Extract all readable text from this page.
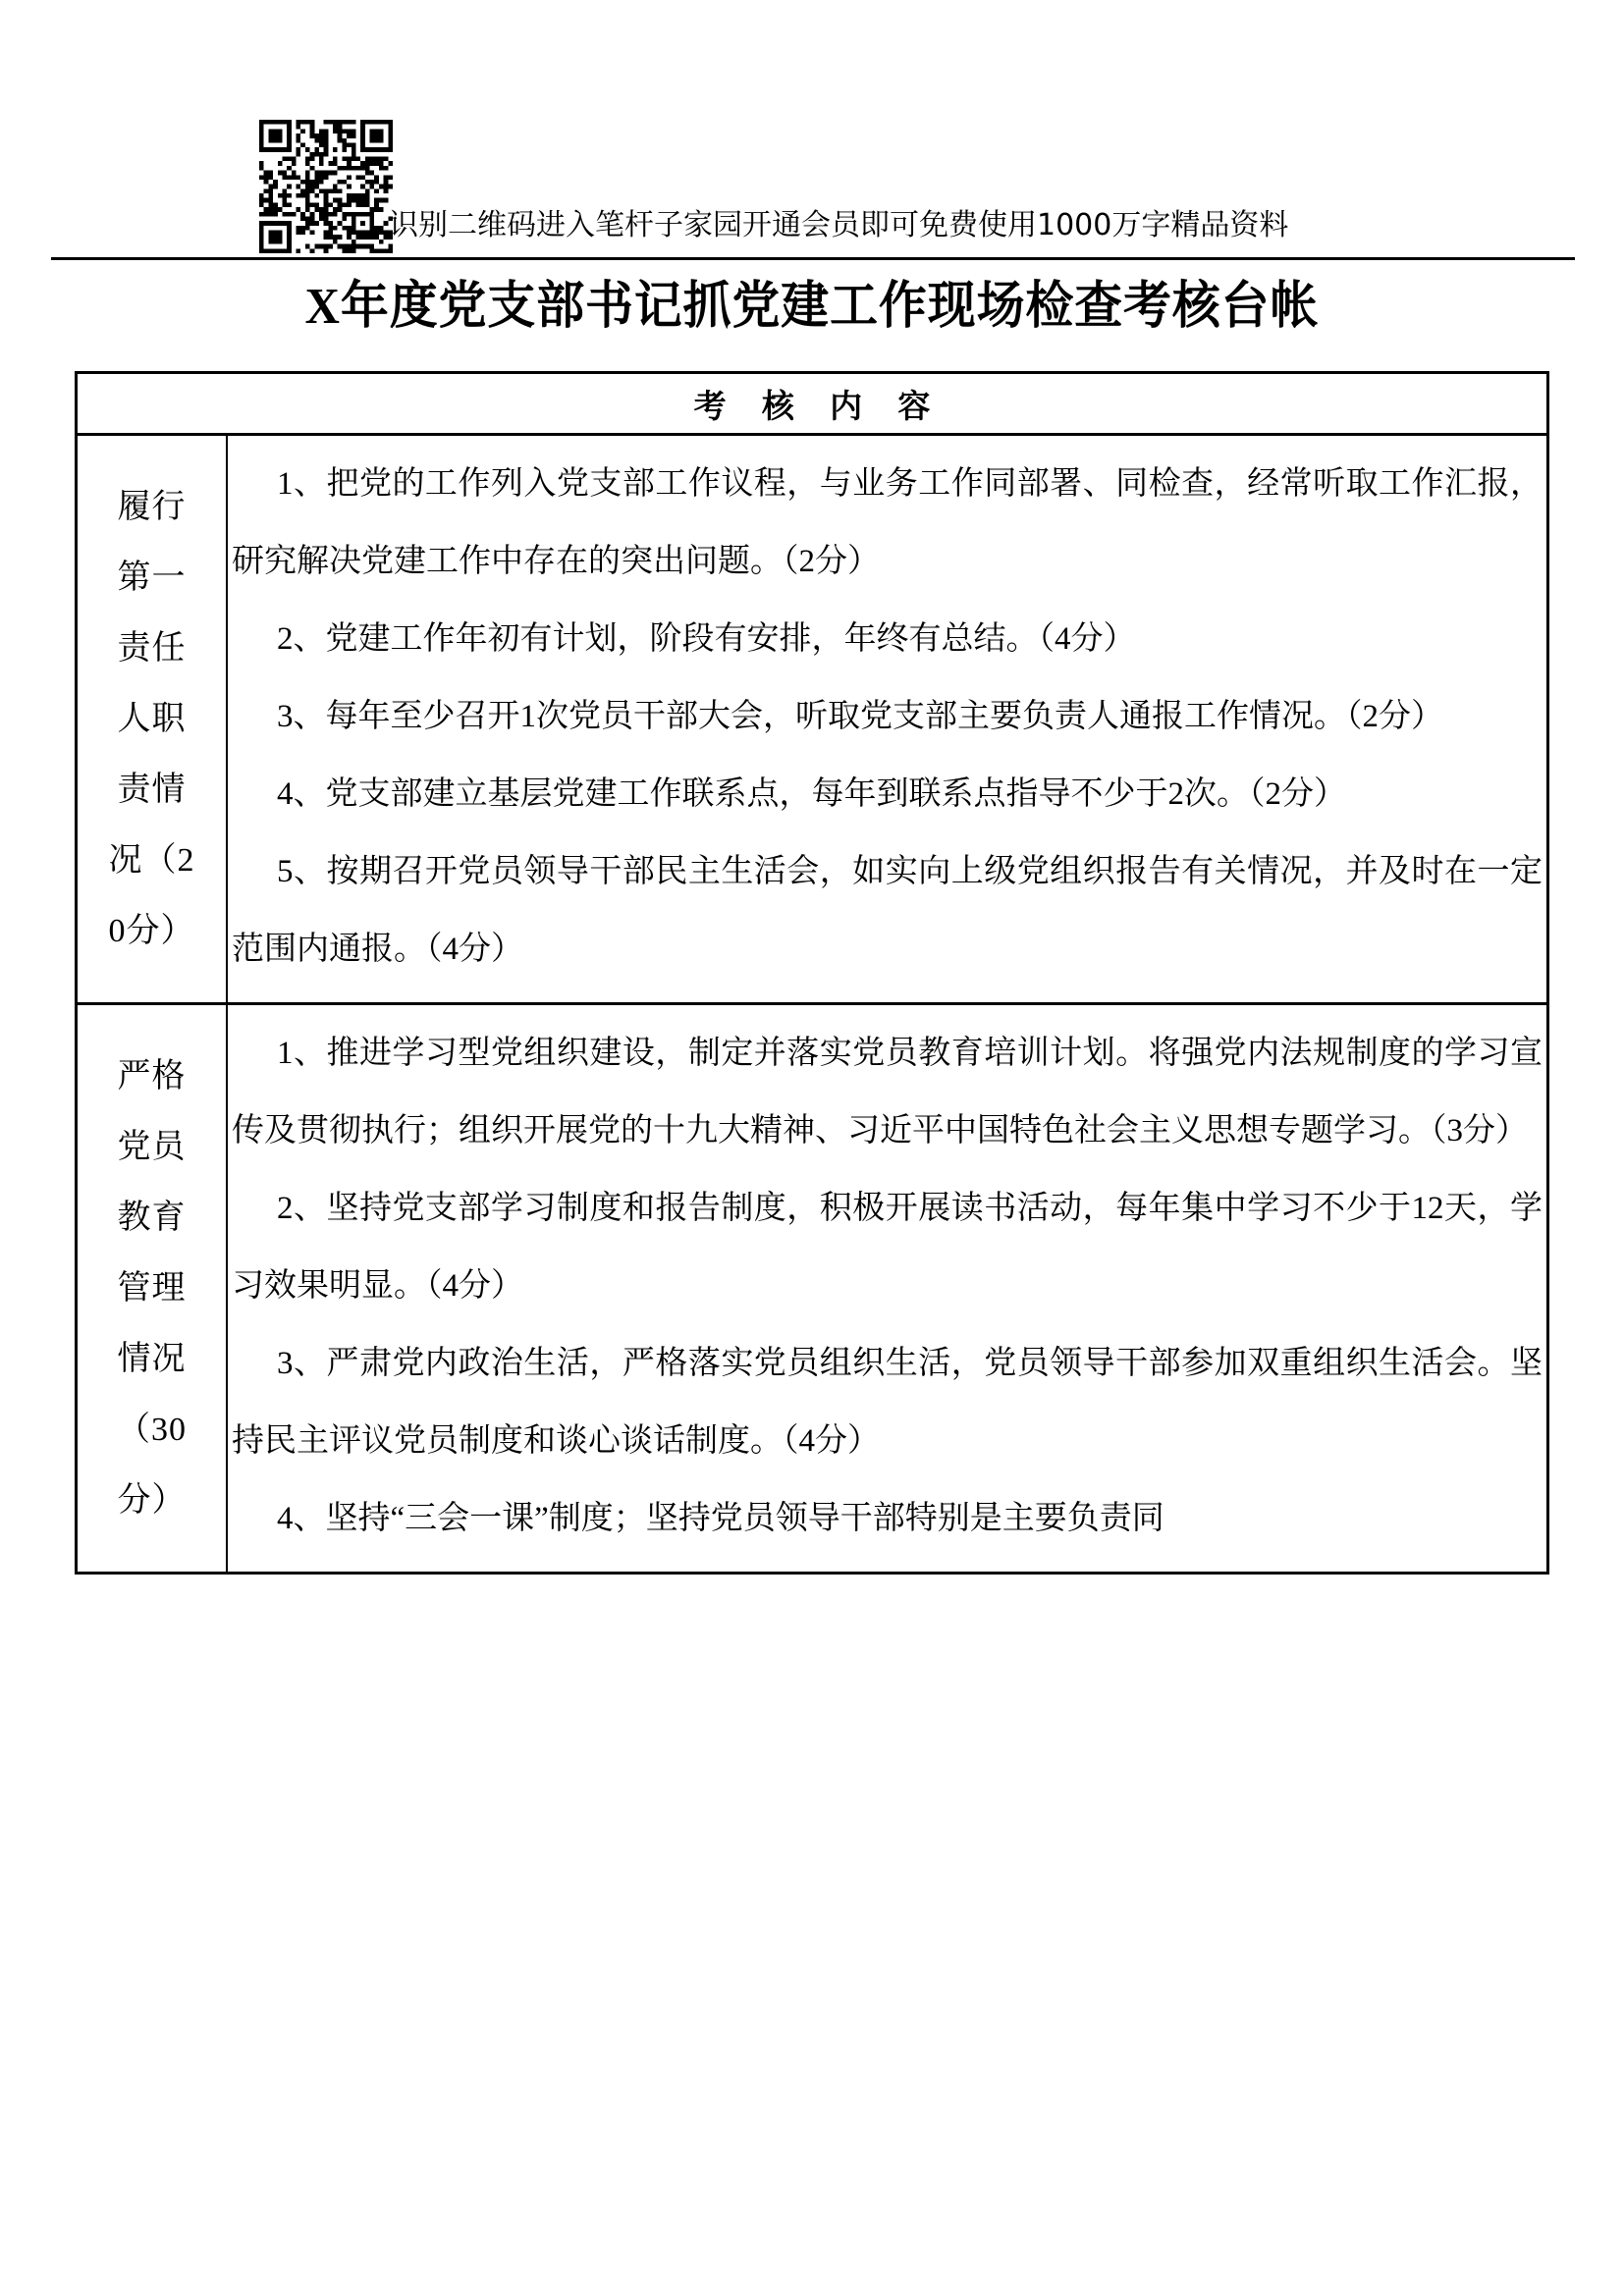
识别二维码进入笔杆子家园开通会员即可免费使用1000万字精品资料
X年度党支部书记抓党建工作现场检查考核台帐
考 核 内 容
履行第一责任人职责情况（20分）

1、把党的工作列入党支部工作议程，与业务工作同部署、同检查，经常听取工作汇报，研究解决党建工作中存在的突出问题。（2分）

2、党建工作年初有计划，阶段有安排，年终有总结。（4分）

3、每年至少召开1次党员干部大会，听取党支部主要负责人通报工作情况。（2分）

4、党支部建立基层党建工作联系点，每年到联系点指导不少于2次。（2分）

5、按期召开党员领导干部民主生活会，如实向上级党组织报告有关情况，并及时在一定范围内通报。（4分）

严格党员教育管理情况（30分）

1、推进学习型党组织建设，制定并落实党员教育培训计划。将强党内法规制度的学习宣传及贯彻执行；组织开展党的十九大精神、习近平中国特色社会主义思想专题学习。（3分）

2、坚持党支部学习制度和报告制度，积极开展读书活动，每年集中学习不少于12天，学习效果明显。（4分）

3、严肃党内政治生活，严格落实党员组织生活，党员领导干部参加双重组织生活会。坚持民主评议党员制度和谈心谈话制度。（4分）

4、坚持“三会一课”制度；坚持党员领导干部特别是主要负责同
